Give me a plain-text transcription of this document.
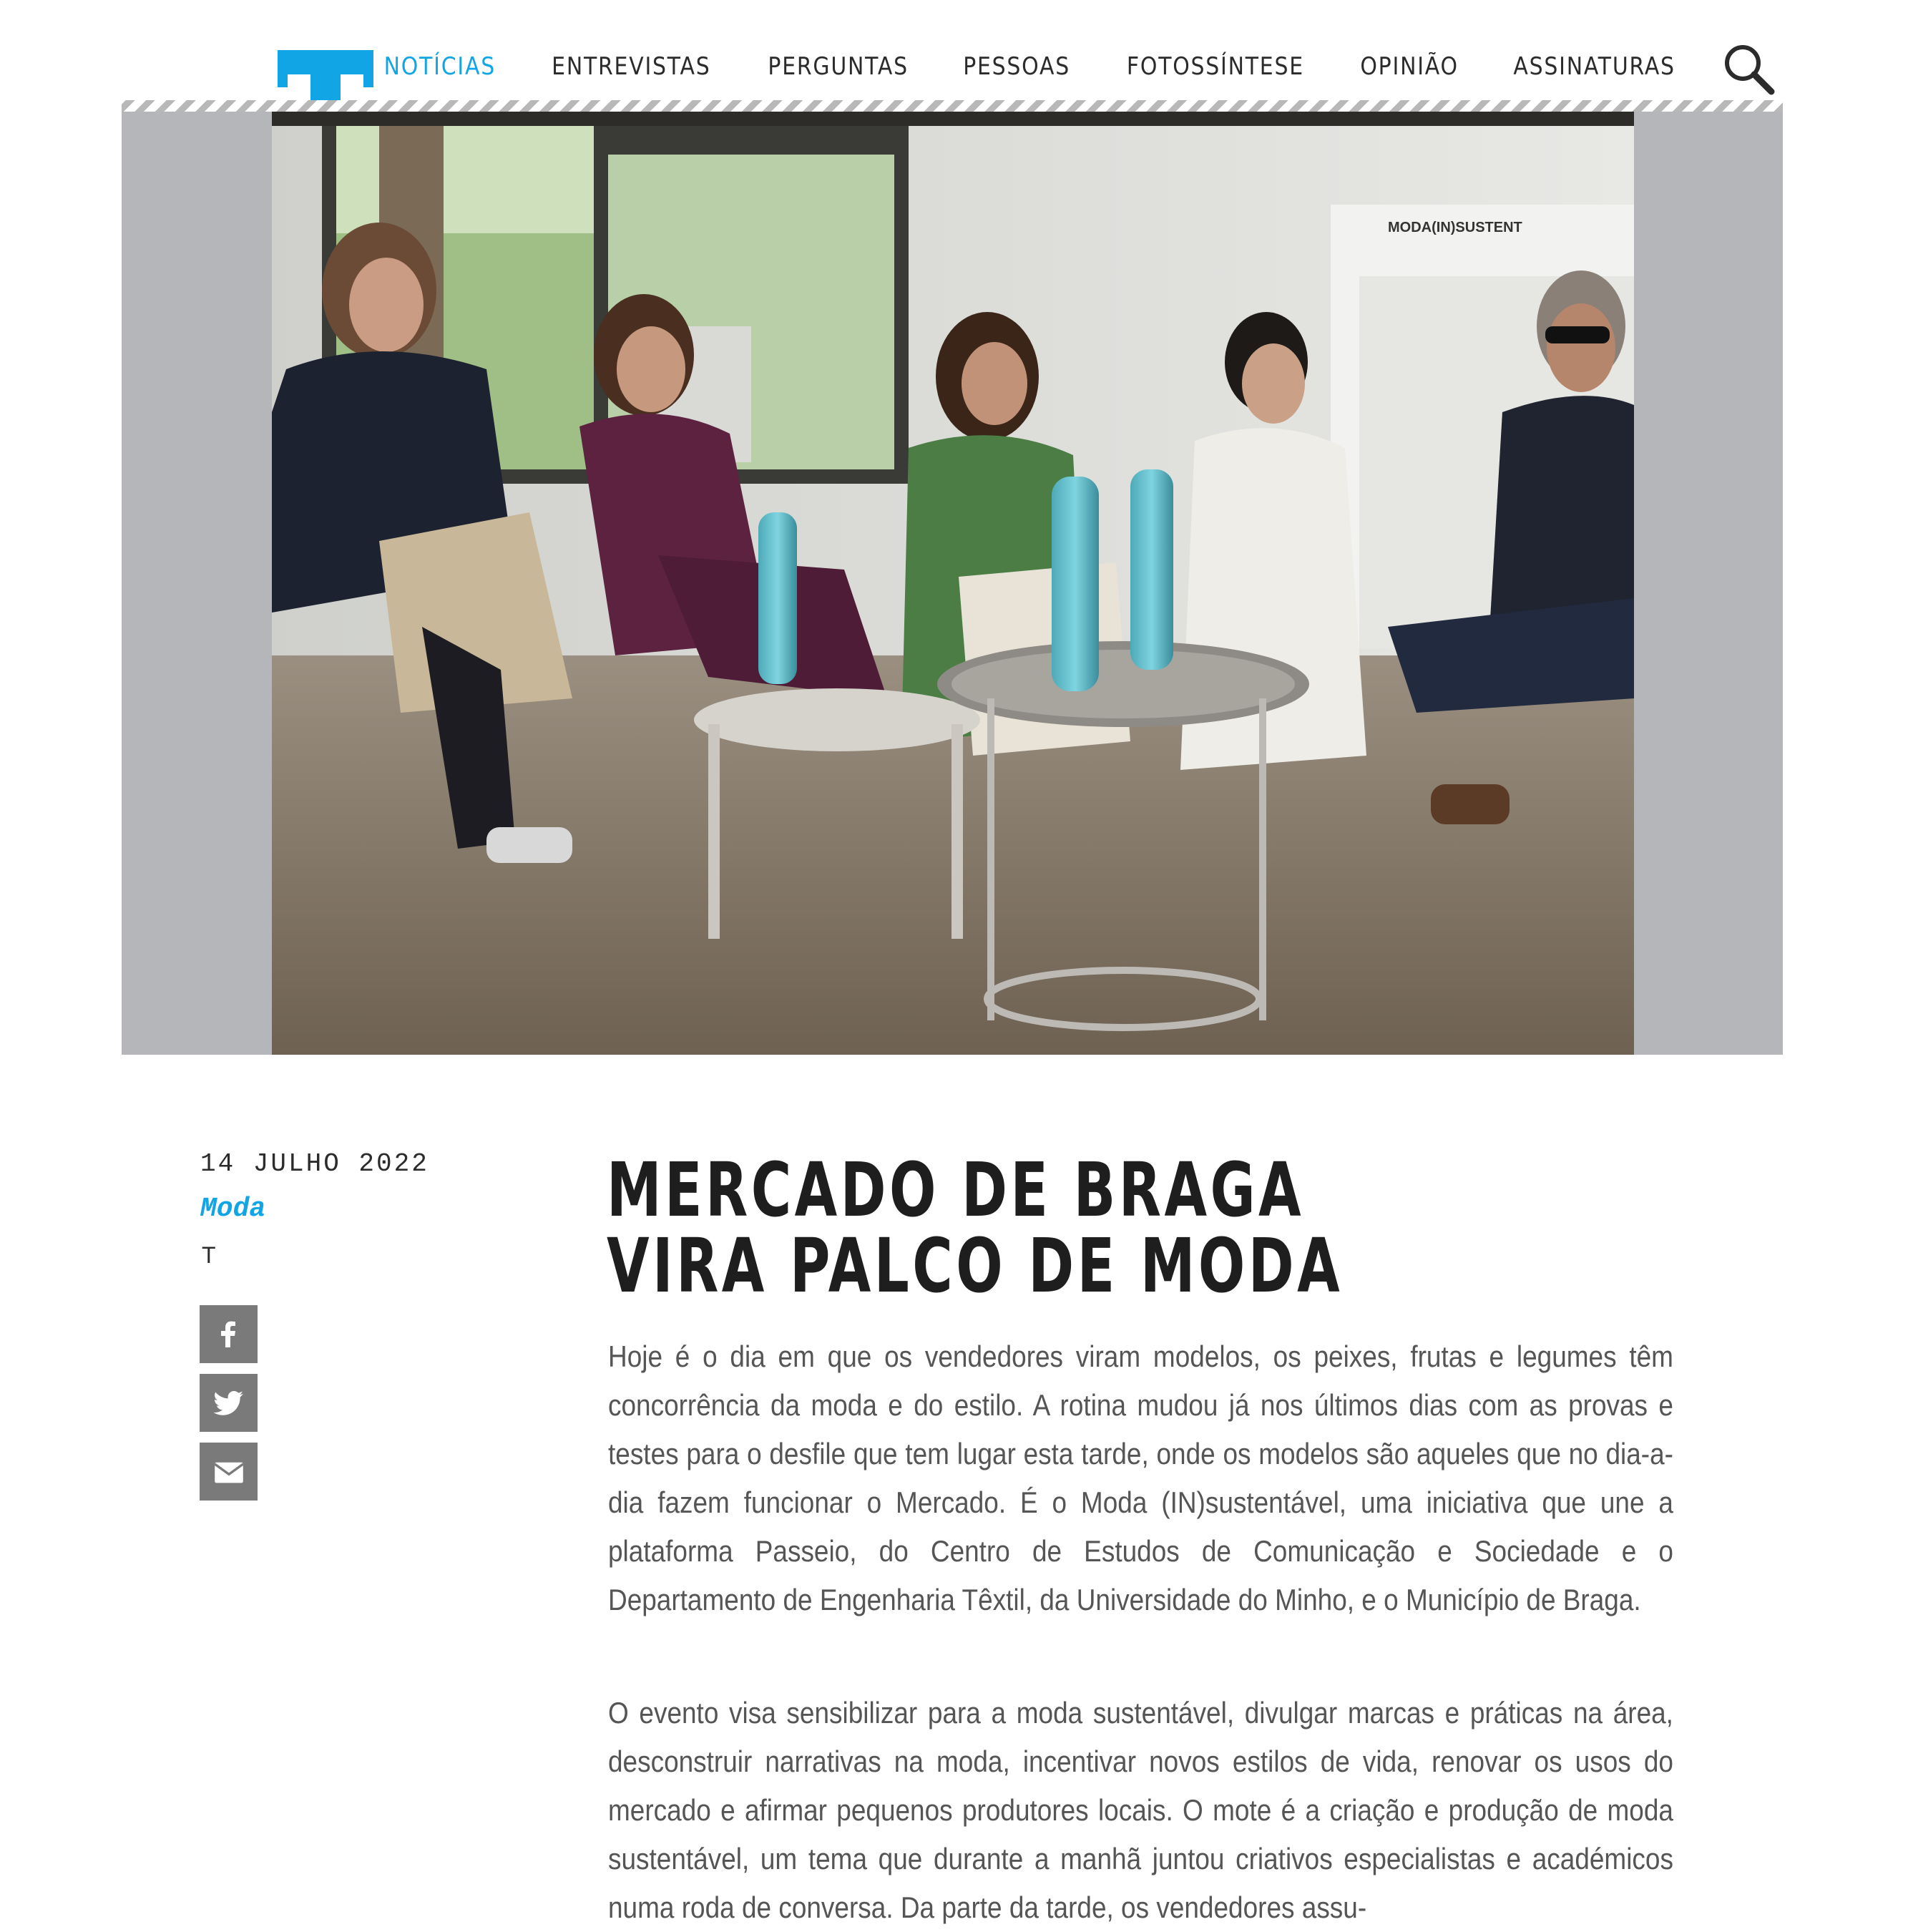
NOTÍCIAS ENTREVISTAS PERGUNTAS PESSOAS FOTOSSÍNTESE OPINIÃO ASSINATURAS
MODA(IN)SUSTENT
14 JULHO 2022
Moda
T
MERCADO DE BRAGA VIRA PALCO DE MODA

Hoje é o dia em que os vendedores viram modelos, os peixes, frutas e legumes têm concorrência da moda e do estilo. A rotina mudou já nos últimos dias com as provas e testes para o desfile que tem lugar esta tarde, onde os modelos são aqueles que no dia-a-dia fazem funcionar o Mercado. É o Moda (IN)sustentável, uma iniciativa que une a plataforma Passeio, do Centro de Estudos de Comunicação e Sociedade e o Departamento de Engenharia Têxtil, da Universidade do Minho, e o Município de Braga.

O evento visa sensibilizar para a moda sustentável, divulgar marcas e práticas na área, desconstruir narrativas na moda, incentivar novos estilos de vida, renovar os usos do mercado e afirmar pequenos produtores locais. O mote é a criação e produção de moda sustentável, um tema que durante a manhã juntou criativos especialistas e académicos numa roda de conversa. Da parte da tarde, os vendedores assu-
